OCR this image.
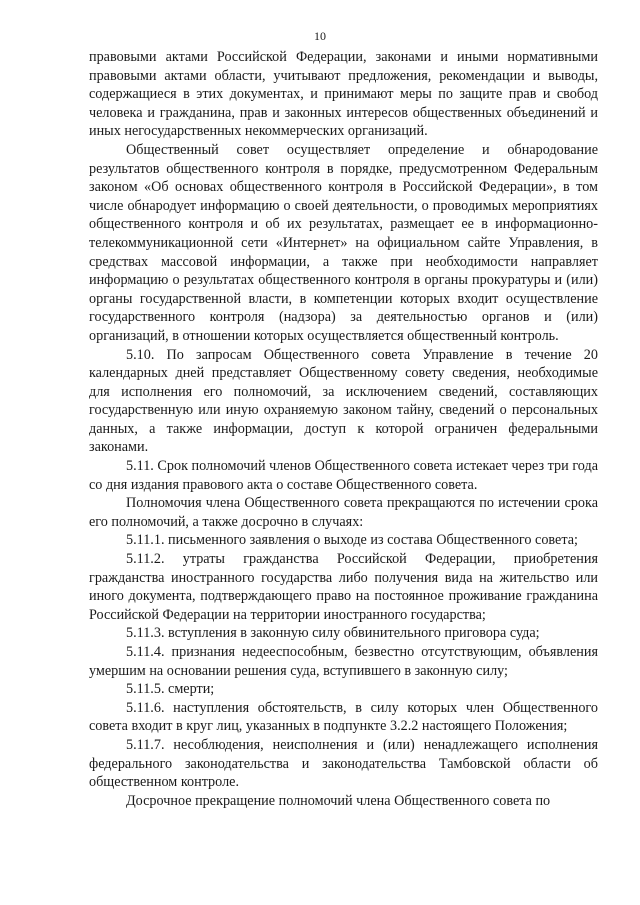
10

правовыми актами Российской Федерации, законами и иными нормативными правовыми актами области, учитывают предложения, рекомендации и выводы, содержащиеся в этих документах, и принимают меры по защите прав и свобод человека и гражданина, прав и законных интересов общественных объединений и иных негосударственных некоммерческих организаций.

Общественный совет осуществляет определение и обнародование результатов общественного контроля в порядке, предусмотренном Федеральным законом «Об основах общественного контроля в Российской Федерации», в том числе обнародует информацию о своей деятельности, о проводимых мероприятиях общественного контроля и об их результатах, размещает ее в информационно-телекоммуникационной сети «Интернет» на официальном сайте Управления, в средствах массовой информации, а также при необходимости направляет информацию о результатах общественного контроля в органы прокуратуры и (или) органы государственной власти, в компетенции которых входит осуществление государственного контроля (надзора) за деятельностью органов и (или) организаций, в отношении которых осуществляется общественный контроль.

5.10. По запросам Общественного совета Управление в течение 20 календарных дней представляет Общественному совету сведения, необходимые для исполнения его полномочий, за исключением сведений, составляющих государственную или иную охраняемую законом тайну, сведений о персональных данных, а также информации, доступ к которой ограничен федеральными законами.

5.11. Срок полномочий членов Общественного совета истекает через три года со дня издания правового акта о составе Общественного совета.

Полномочия члена Общественного совета прекращаются по истечении срока его полномочий, а также досрочно в случаях:

5.11.1. письменного заявления о выходе из состава Общественного совета;

5.11.2. утраты гражданства Российской Федерации, приобретения гражданства иностранного государства либо получения вида на жительство или иного документа, подтверждающего право на постоянное проживание гражданина Российской Федерации на территории иностранного государства;

5.11.3. вступления в законную силу обвинительного приговора суда;

5.11.4. признания недееспособным, безвестно отсутствующим, объявления умершим на основании решения суда, вступившего в законную силу;

5.11.5. смерти;

5.11.6. наступления обстоятельств, в силу которых член Общественного совета входит в круг лиц, указанных в подпункте 3.2.2 настоящего Положения;

5.11.7. несоблюдения, неисполнения и (или) ненадлежащего исполнения федерального законодательства и законодательства Тамбовской области об общественном контроле.

Досрочное прекращение полномочий члена Общественного совета по
